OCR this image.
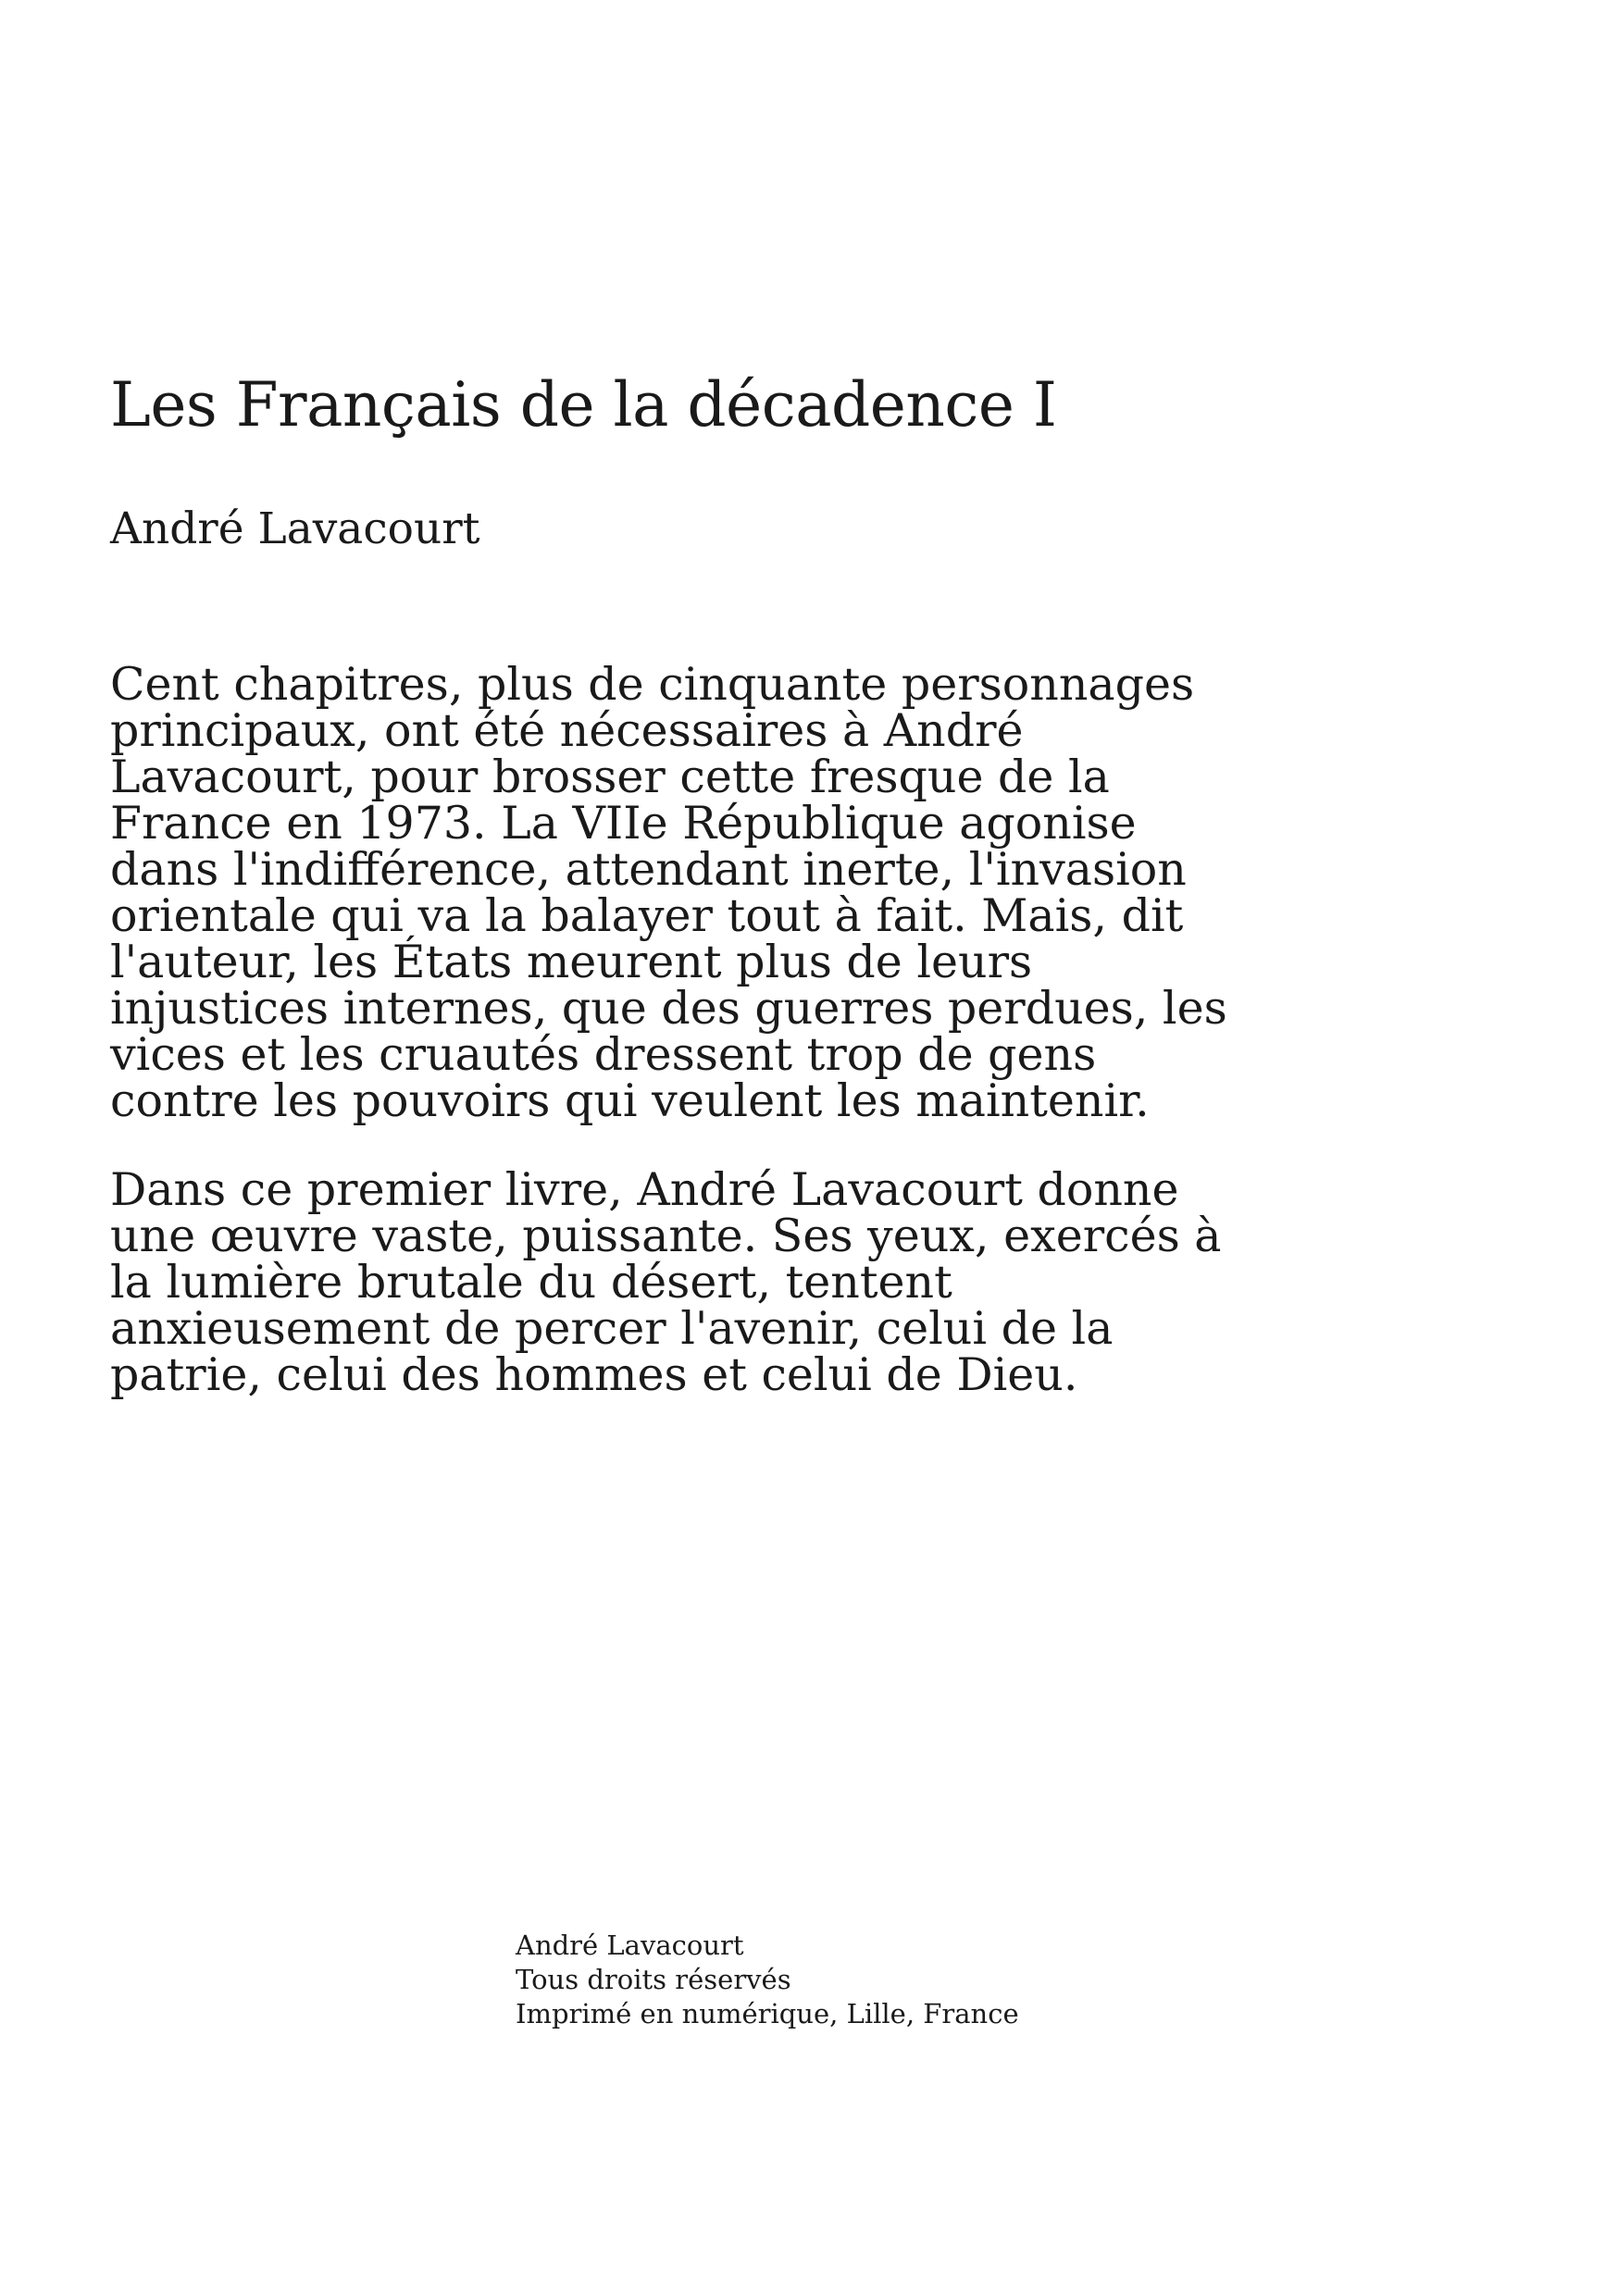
Les Français de la décadence I
André Lavacourt

Cent chapitres, plus de cinquante personnages principaux, ont été nécessaires à André Lavacourt, pour brosser cette fresque de la France en 1973. La VIIe République agonise dans l'indifférence, attendant inerte, l'invasion orientale qui va la balayer tout à fait. Mais, dit l'auteur, les États meurent plus de leurs injustices internes, que des guerres perdues, les vices et les cruautés dressent trop de gens contre les pouvoirs qui veulent les maintenir.

Dans ce premier livre, André Lavacourt donne une œuvre vaste, puissante. Ses yeux, exercés à la lumière brutale du désert, tentent anxieusement de percer l'avenir, celui de la patrie, celui des hommes et celui de Dieu.

André Lavacourt
Tous droits réservés
Imprimé en numérique, Lille, France
